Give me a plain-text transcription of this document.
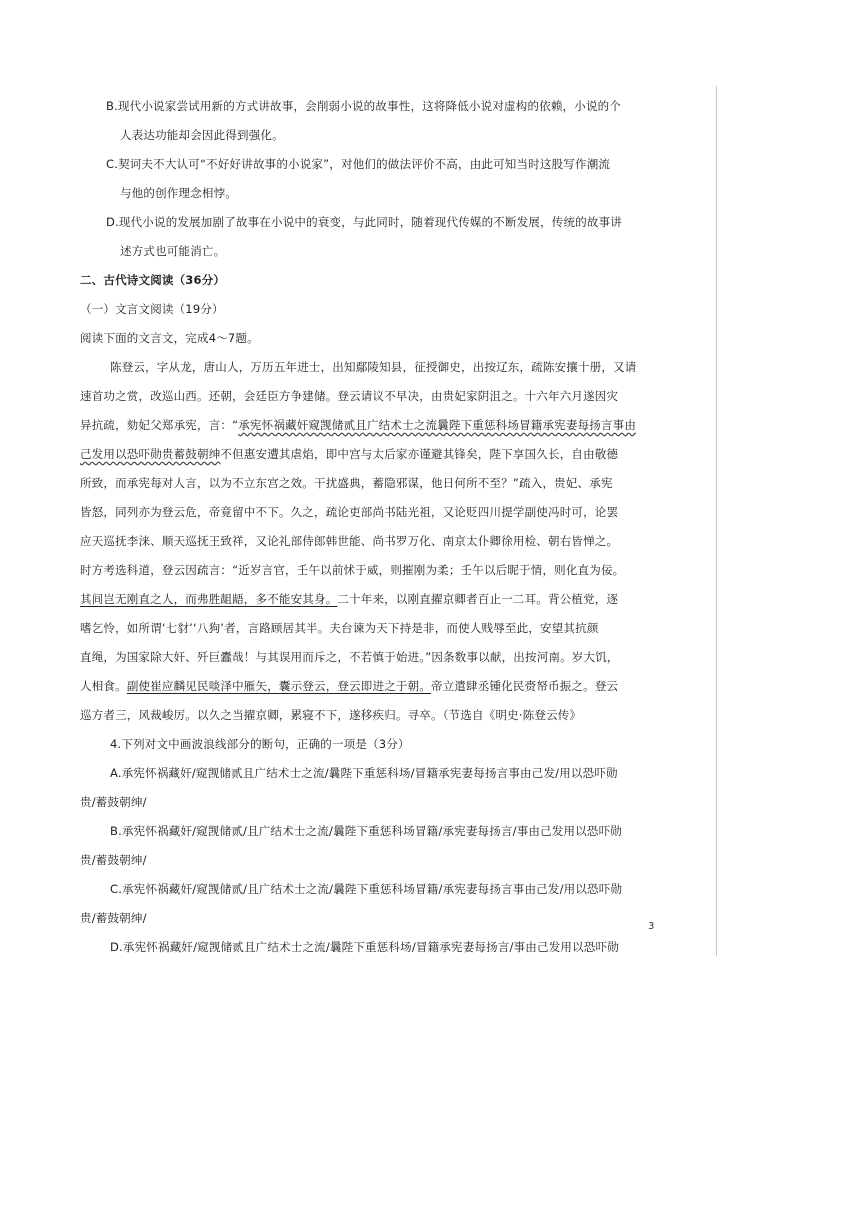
B.现代小说家尝试用新的方式讲故事，会削弱小说的故事性，这将降低小说对虚构的依赖，小说的个
人表达功能却会因此得到强化。
C.契诃夫不大认可“不好好讲故事的小说家”，对他们的做法评价不高，由此可知当时这股写作潮流
与他的创作理念相悖。
D.现代小说的发展加剧了故事在小说中的衰变，与此同时，随着现代传媒的不断发展，传统的故事讲
述方式也可能消亡。
二、古代诗文阅读（36分）
（一）文言文阅读（19分）
阅读下面的文言文，完成4～7题。
陈登云，字从龙，唐山人，万历五年进士，出知鄢陵知县，征授御史，出按辽东，疏陈安攘十册，又请
速首功之赏，改巡山西。还朝，会廷臣方争建储。登云请议不早决，由贵妃家阴沮之。十六年六月遂因灾
异抗疏，劾妃父郑承宪，言：“承宪怀祸藏奸窥觊储贰且广结术士之流曩陛下重惩科场冒籍承宪妻每扬言事由
己发用以恐吓勋贵蓄鼓朝绅不但惠安遭其虐焰，即中宫与太后家亦谨避其锋矣，陛下享国久长，自由敬德
所致，而承宪每对人言，以为不立东宫之效。干扰盛典，蓄隐邪谋，他日何所不至？”疏入，贵妃、承宪
皆怒，同列亦为登云危，帝竟留中不下。久之，疏论吏部尚书陆光祖，又论贬四川提学副使冯时可，论罢
应天巡抚李涞、顺天巡抚王致祥，又论礼部侍郎韩世能、尚书罗万化、南京太仆卿徐用检、朝右皆惮之。
时方考选科道，登云因疏言：“近岁言官，壬午以前怵于威，则摧刚为柔；壬午以后昵于情，则化直为佞。
其间岂无刚直之人，而弗胜龃龉，多不能安其身。二十年来，以刚直擢京卿者百止一二耳。背公植党，逐
嗜乞怜，如所谓‘七豺’‘八狗’者，言路顾居其半。夫台谏为天下持是非，而使人贱辱至此，安望其抗颜
直绳，为国家除大奸、歼巨蠹哉！与其误用而斥之，不若慎于始进。”因条数事以献，出按河南。岁大饥，
人相食。副使崔应麟见民啖泽中雁矢，囊示登云，登云即进之于朝。帝立遣肆丞锺化民赍帑币振之。登云
巡方者三，风裁峻厉。以久之当擢京卿，累寝不下，遂移疾归。寻卒。（节选自《明史·陈登云传》
4.下列对文中画波浪线部分的断句，正确的一项是（3分）
A.承宪怀祸藏奸/窥觊储贰且广结术士之流/曩陛下重惩科场/冒籍承宪妻每扬言事由己发/用以恐吓勋
贵/蓄鼓朝绅/
B.承宪怀祸藏奸/窥觊储贰/且广结术士之流/曩陛下重惩科场冒籍/承宪妻每扬言/事由己发用以恐吓勋
贵/蓄鼓朝绅/
C.承宪怀祸藏奸/窥觊储贰/且广结术士之流/曩陛下重惩科场冒籍/承宪妻每扬言事由己发/用以恐吓勋
贵/蓄鼓朝绅/
D.承宪怀祸藏奸/窥觊储贰且广结术士之流/曩陛下重惩科场/冒籍承宪妻每扬言/事由己发用以恐吓勋
3
